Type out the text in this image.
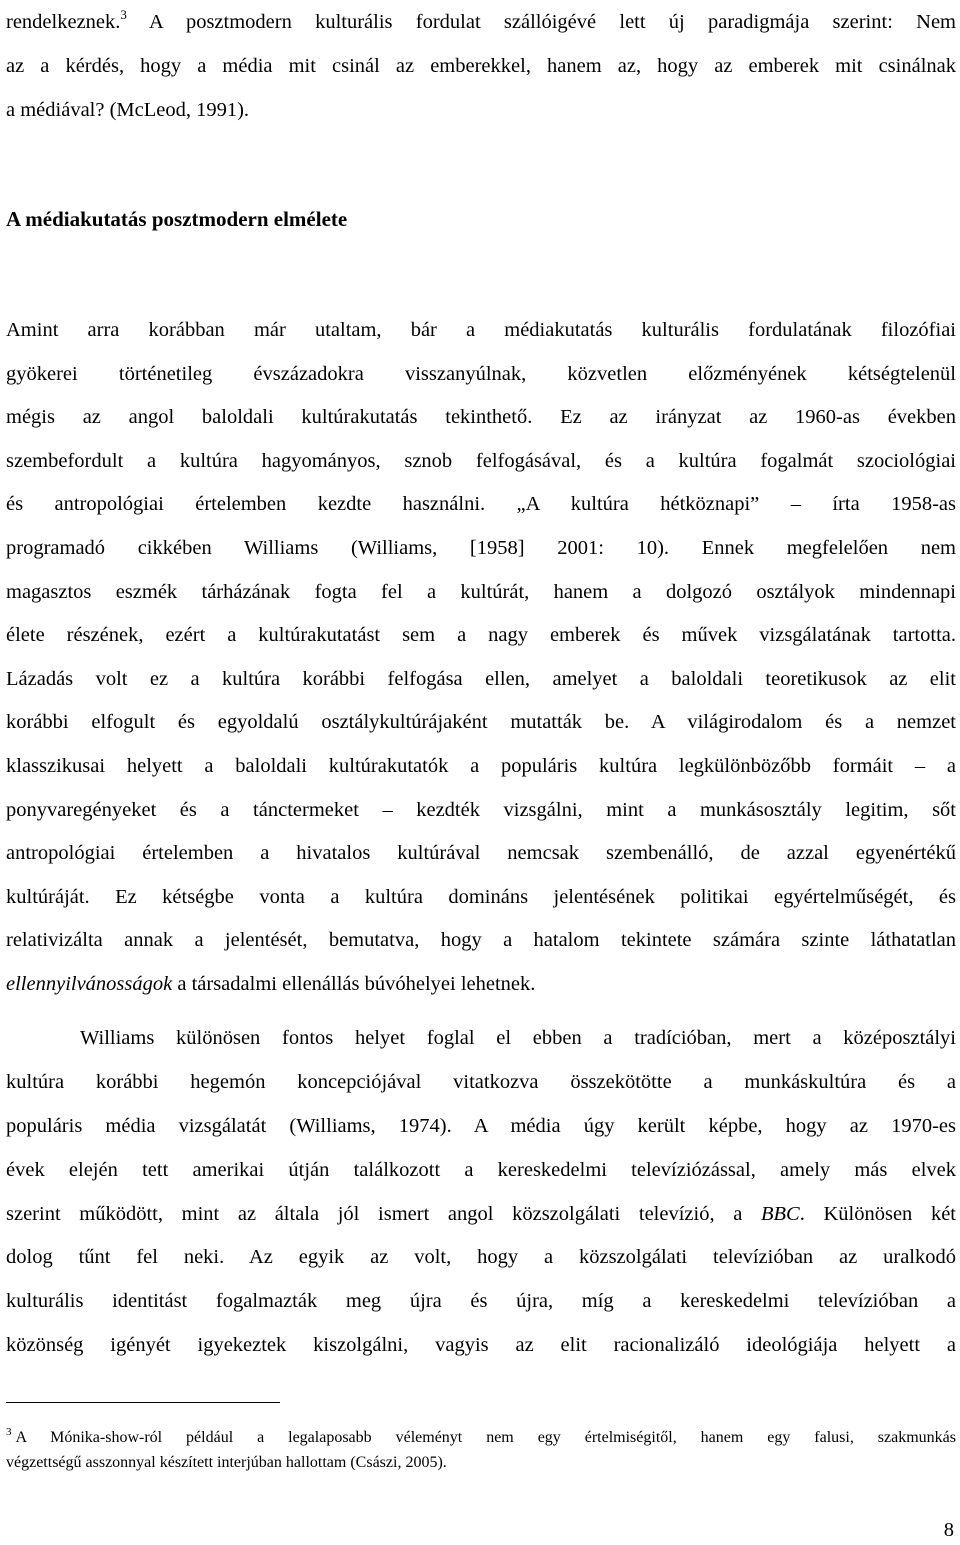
rendelkeznek.$^3$ A posztmodern kulturális fordulat szállóigévé lett új paradigmája szerint: Nem
az a kérdés, hogy a média mit csinál az emberekkel, hanem az, hogy az emberek mit csinálnak
a médiával? (McLeod, 1991).
A médiakutatás posztmodern elmélete
Amint arra korábban már utaltam, bár a médiakutatás kulturális fordulatának filozófiai
gyökerei történetileg évszázadokra visszanyúlnak, közvetlen előzményének kétségtelenül
mégis az angol baloldali kultúrakutatás tekinthető. Ez az irányzat az 1960-as években
szembefordult a kultúra hagyományos, sznob felfogásával, és a kultúra fogalmát szociológiai
és antropológiai értelemben kezdte használni. „A kultúra hétköznapi” – írta 1958-as
programadó cikkében Williams (Williams, [1958] 2001: 10). Ennek megfelelően nem
magasztos eszmék tárházának fogta fel a kultúrát, hanem a dolgozó osztályok mindennapi
élete részének, ezért a kultúrakutatást sem a nagy emberek és művek vizsgálatának tartotta.
Lázadás volt ez a kultúra korábbi felfogása ellen, amelyet a baloldali teoretikusok az elit
korábbi elfogult és egyoldalú osztálykultúrájaként mutatták be. A világirodalom és a nemzet
klasszikusai helyett a baloldali kultúrakutatók a populáris kultúra legkülönbözőbb formáit – a
ponyvaregényeket és a tánctermeket – kezdték vizsgálni, mint a munkásosztály legitim, sőt
antropológiai értelemben a hivatalos kultúrával nemcsak szembenálló, de azzal egyenértékű
kultúráját. Ez kétségbe vonta a kultúra domináns jelentésének politikai egyértelműségét, és
relativizálta annak a jelentését, bemutatva, hogy a hatalom tekintete számára szinte láthatatlan
ellennyilvánosságok a társadalmi ellenállás búvóhelyei lehetnek.
Williams különösen fontos helyet foglal el ebben a tradícióban, mert a középosztályi
kultúra korábbi hegemón koncepciójával vitatkozva összekötötte a munkáskultúra és a
populáris média vizsgálatát (Williams, 1974). A média úgy került képbe, hogy az 1970-es
évek elején tett amerikai útján találkozott a kereskedelmi televíziózással, amely más elvek
szerint működött, mint az általa jól ismert angol közszolgálati televízió, a BBC. Különösen két
dolog tűnt fel neki. Az egyik az volt, hogy a közszolgálati televízióban az uralkodó
kulturális identitást fogalmazták meg újra és újra, míg a kereskedelmi televízióban a
közönség igényét igyekeztek kiszolgálni, vagyis az elit racionalizáló ideológiája helyett a
$^3$ A Mónika-show-ról például a legalaposabb véleményt nem egy értelmiségitől, hanem egy falusi, szakmunkás
végzettségű asszonnyal készített interjúban hallottam (Császi, 2005).
8
